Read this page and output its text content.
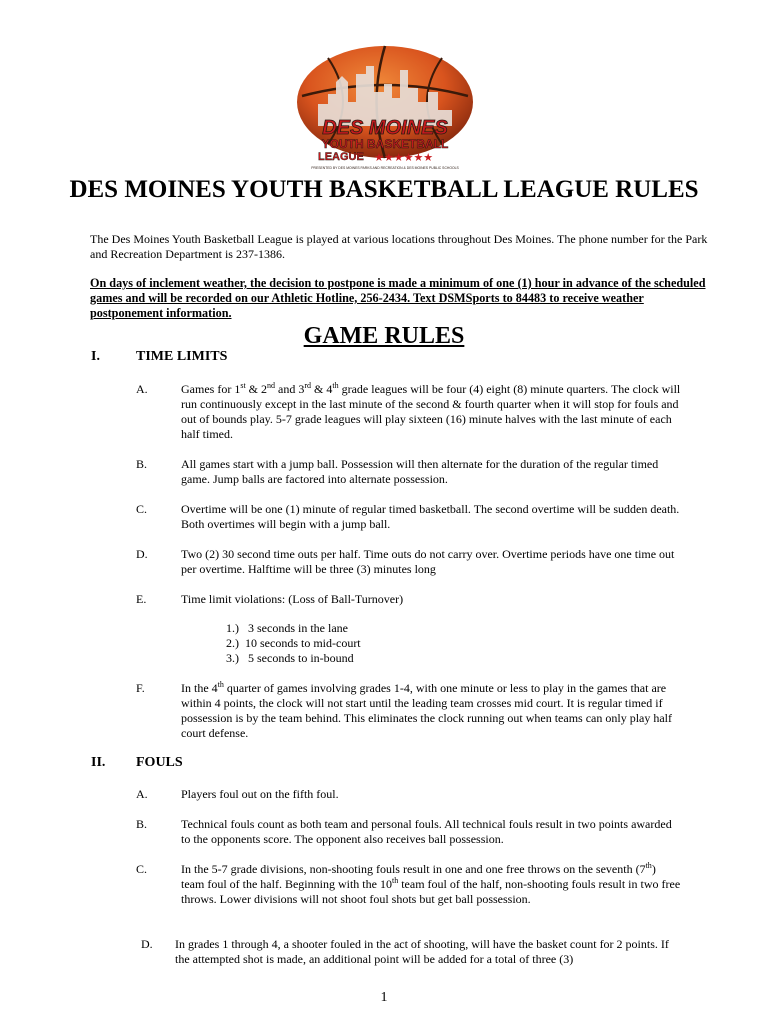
DES MOINES
YOUTH BASKETBALL
LEAGUE ★★★★★★
PRESENTED BY DES MOINES PARKS AND RECREATION & DES MOINES PUBLIC SCHOOLS
DES MOINES YOUTH BASKETBALL LEAGUE RULES

The Des Moines Youth Basketball League is played at various locations throughout Des Moines. The phone number for the Park and Recreation Department is 237-1386.

On days of inclement weather, the decision to postpone is made a minimum of one (1) hour in advance of the scheduled games and will be recorded on our Athletic Hotline, 256-2434. Text DSMSports to 84483 to receive weather postponement information.

GAME RULES
I.	TIME LIMITS
A.	Games for 1st & 2nd and 3rd & 4th grade leagues will be four (4) eight (8) minute quarters. The clock will run continuously except in the last minute of the second & fourth quarter when it will stop for fouls and out of bounds play. 5-7 grade leagues will play sixteen (16) minute halves with the last minute of each half timed.

B.	All games start with a jump ball. Possession will then alternate for the duration of the regular timed game. Jump balls are factored into alternate possession.

C.	Overtime will be one (1) minute of regular timed basketball. The second overtime will be sudden death. Both overtimes will begin with a jump ball.

D.	Two (2) 30 second time outs per half. Time outs do not carry over. Overtime periods have one time out per overtime. Halftime will be three (3) minutes long

E.	Time limit violations: (Loss of Ball-Turnover)

1.)   3 seconds in the lane
2.)  10 seconds to mid-court
3.)   5 seconds to in-bound
F.	In the 4th quarter of games involving grades 1-4, with one minute or less to play in the games that are within 4 points, the clock will not start until the leading team crosses mid court. It is regular timed if possession is by the team behind. This eliminates the clock running out when teams can only play half court defense.

II. FOULS
A.	Players foul out on the fifth foul.

B.	Technical fouls count as both team and personal fouls. All technical fouls result in two points awarded to the opponents score. The opponent also receives ball possession.

C.	In the 5-7 grade divisions, non-shooting fouls result in one and one free throws on the seventh (7th) team foul of the half. Beginning with the 10th team foul of the half, non-shooting fouls result in two free throws. Lower divisions will not shoot foul shots but get ball possession.

D. In grades 1 through 4, a shooter fouled in the act of shooting, will have the basket count for 2 points. If the attempted shot is made, an additional point will be added for a total of three (3)

1
